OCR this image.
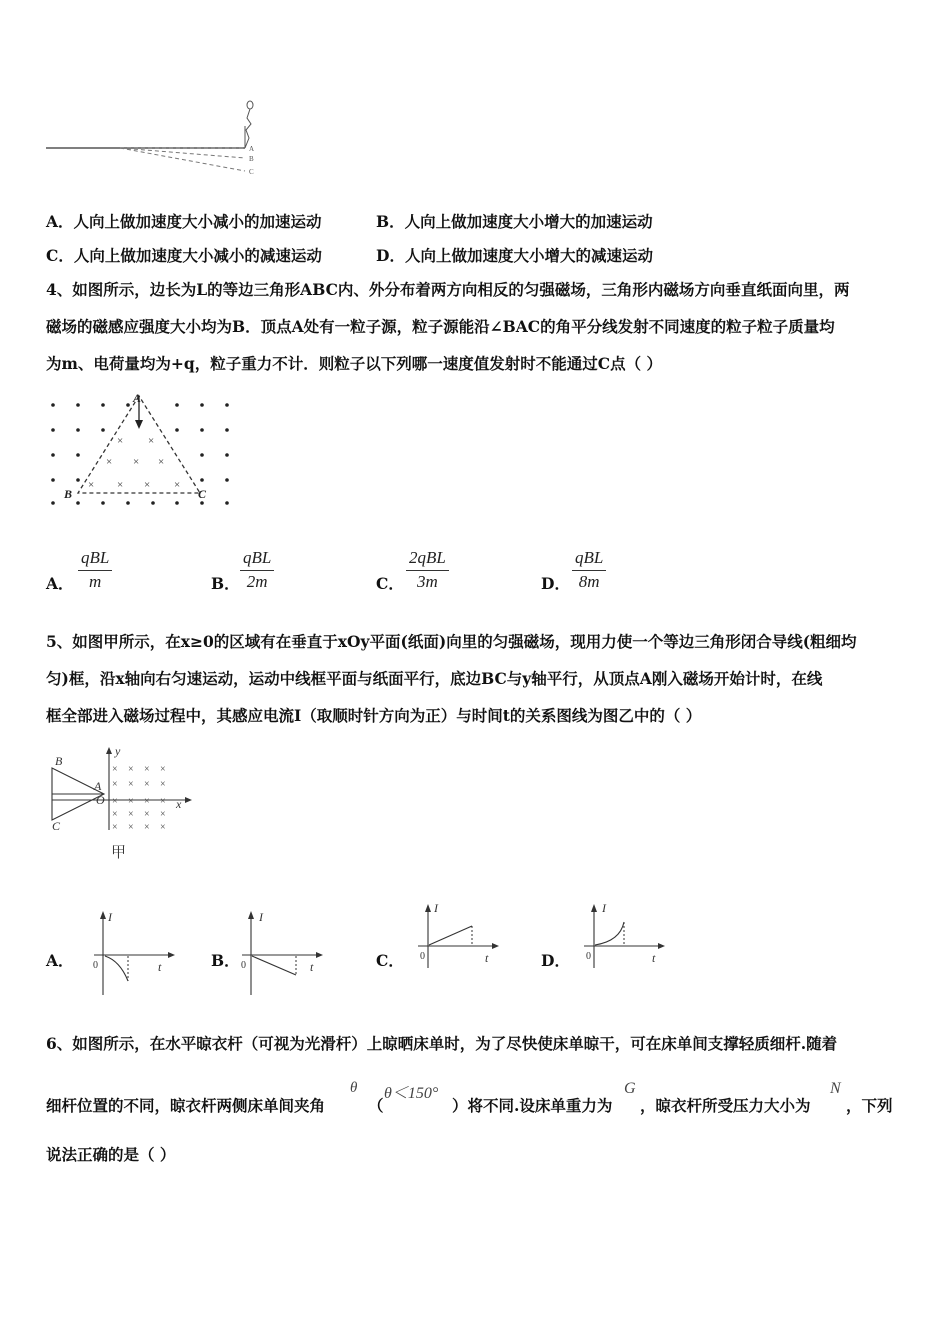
A
B
C
A．人向上做加速度大小减小的加速运动	B．人向上做加速度大小增大的加速运动
C．人向上做加速度大小减小的减速运动	D．人向上做加速度大小增大的减速运动
4、如图所示，边长为L的等边三角形ABC内、外分布着两方向相反的匀强磁场，三角形内磁场方向垂直纸面向里，两
磁场的磁感应强度大小均为B．顶点A处有一粒子源，粒子源能沿∠BAC的角平分线发射不同速度的粒子粒子质量均
为m、电荷量均为+q，粒子重力不计．则粒子以下列哪一速度值发射时不能通过C点（ ）
× ×
× × ×
× × × ×
A
B	C
A．
qBL
m	B．
qBL
2m	C．
2qBL
3m	D．
qBL
8m
5、如图甲所示，在x≥0的区域有在垂直于xOy平面(纸面)向里的匀强磁场，现用力使一个等边三角形闭合导线(粗细均
匀)框，沿x轴向右匀速运动，运动中线框平面与纸面平行，底边BC与y轴平行，从顶点A刚入磁场开始计时，在线
框全部进入磁场过程中，其感应电流I（取顺时针方向为正）与时间t的关系图线为图乙中的（ ）
× × × ×
× × × ×
× × × ×
× × × ×
× × × ×
B
A
O
C
y
x
甲
A．
I
t
0	B．
I
t
0	C．
I
t
0	D．
I
t
0
6、如图所示，在水平晾衣杆（可视为光滑杆）上晾晒床单时，为了尽快使床单晾干，可在床单间支撑轻质细杆.随着
细杆位置的不同，晾衣杆两侧床单间夹角
θ
（
θ＜150°
）将不同.设床单重力为
G
，晾衣杆所受压力大小为
N
，下列
说法正确的是（ ）
